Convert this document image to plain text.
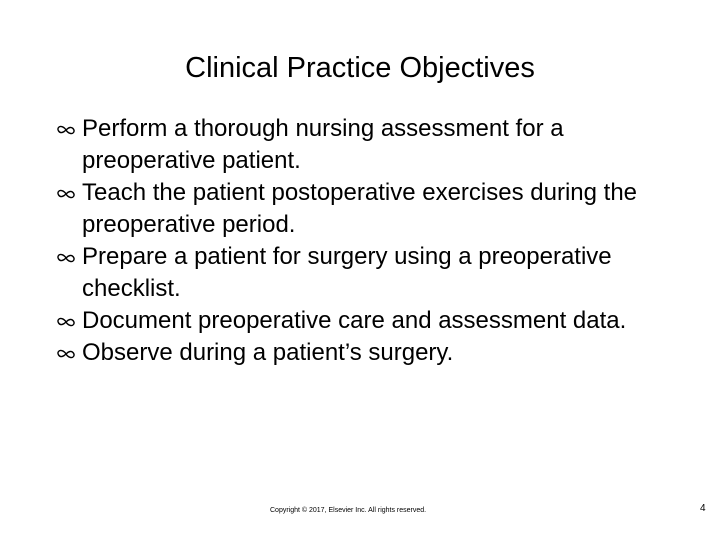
Clinical Practice Objectives
Perform a thorough nursing assessment for a preoperative patient.
Teach the patient postoperative exercises during the preoperative period.
Prepare a patient for surgery using a preoperative checklist.
Document preoperative care and assessment data.
Observe during a patient’s surgery.
Copyright © 2017, Elsevier Inc. All rights reserved.	4
